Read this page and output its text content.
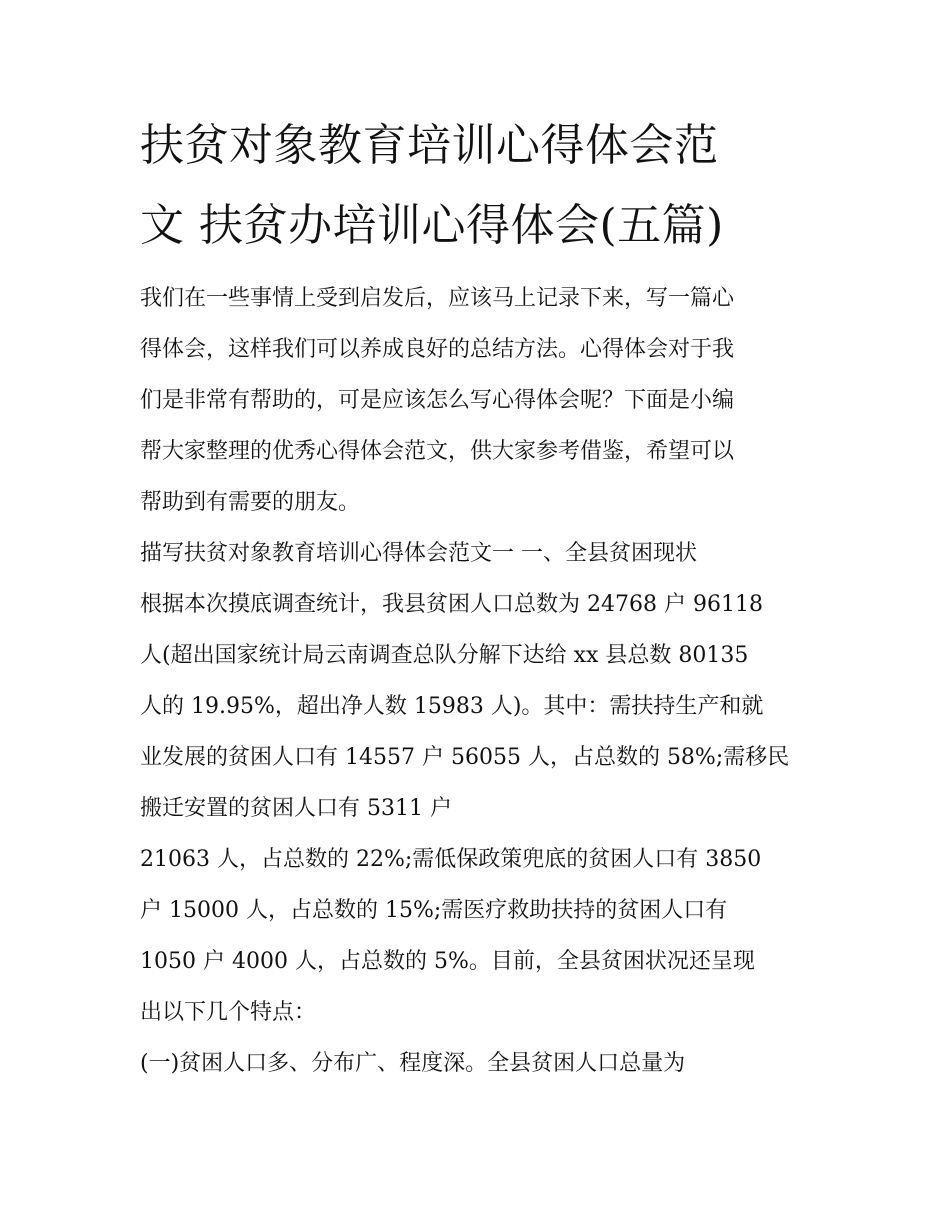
扶贫对象教育培训心得体会范
文 扶贫办培训心得体会(五篇)
我们在一些事情上受到启发后，应该马上记录下来，写一篇心
得体会，这样我们可以养成良好的总结方法。心得体会对于我
们是非常有帮助的，可是应该怎么写心得体会呢？下面是小编
帮大家整理的优秀心得体会范文，供大家参考借鉴，希望可以
帮助到有需要的朋友。
描写扶贫对象教育培训心得体会范文一 一、全县贫困现状
根据本次摸底调查统计，我县贫困人口总数为 24768 户 96118
人(超出国家统计局云南调查总队分解下达给 xx 县总数 80135
人的 19.95%，超出净人数 15983 人)。其中：需扶持生产和就
业发展的贫困人口有 14557 户 56055 人，占总数的 58%;需移民
搬迁安置的贫困人口有 5311 户
21063 人，占总数的 22%;需低保政策兜底的贫困人口有 3850
户 15000 人，占总数的 15%;需医疗救助扶持的贫困人口有
1050 户 4000 人，占总数的 5%。目前，全县贫困状况还呈现
出以下几个特点：
(一)贫困人口多、分布广、程度深。全县贫困人口总量为
